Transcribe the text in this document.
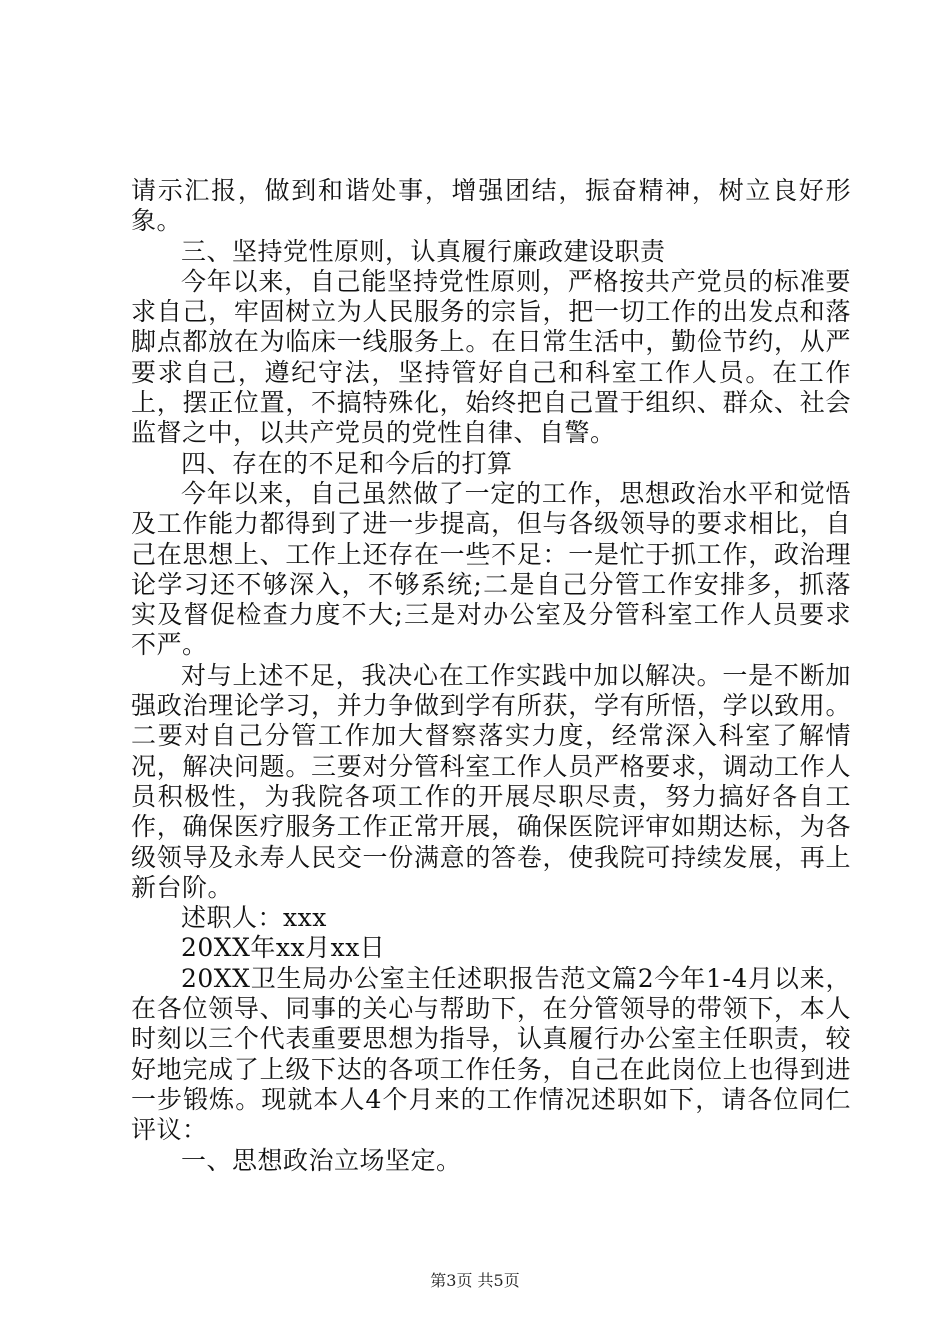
请示汇报，做到和谐处事，增强团结，振奋精神，树立良好形象。

三、坚持党性原则，认真履行廉政建设职责

今年以来，自己能坚持党性原则，严格按共产党员的标准要求自己，牢固树立为人民服务的宗旨，把一切工作的出发点和落脚点都放在为临床一线服务上。在日常生活中，勤俭节约，从严要求自己，遵纪守法，坚持管好自己和科室工作人员。在工作上，摆正位置，不搞特殊化，始终把自己置于组织、群众、社会监督之中，以共产党员的党性自律、自警。

四、存在的不足和今后的打算

今年以来，自己虽然做了一定的工作，思想政治水平和觉悟及工作能力都得到了进一步提高，但与各级领导的要求相比，自己在思想上、工作上还存在一些不足：一是忙于抓工作，政治理论学习还不够深入，不够系统;二是自己分管工作安排多，抓落实及督促检查力度不大;三是对办公室及分管科室工作人员要求不严。

对与上述不足，我决心在工作实践中加以解决。一是不断加强政治理论学习，并力争做到学有所获，学有所悟，学以致用。二要对自己分管工作加大督察落实力度，经常深入科室了解情况，解决问题。三要对分管科室工作人员严格要求，调动工作人员积极性，为我院各项工作的开展尽职尽责，努力搞好各自工作，确保医疗服务工作正常开展，确保医院评审如期达标，为各级领导及永寿人民交一份满意的答卷，使我院可持续发展，再上新台阶。

述职人：xxx

20XX年xx月xx日

20XX卫生局办公室主任述职报告范文篇2今年1-4月以来，在各位领导、同事的关心与帮助下，在分管领导的带领下，本人时刻以三个代表重要思想为指导，认真履行办公室主任职责，较好地完成了上级下达的各项工作任务，自己在此岗位上也得到进一步锻炼。现就本人4个月来的工作情况述职如下，请各位同仁评议：

一、思想政治立场坚定。

第3页 共5页
